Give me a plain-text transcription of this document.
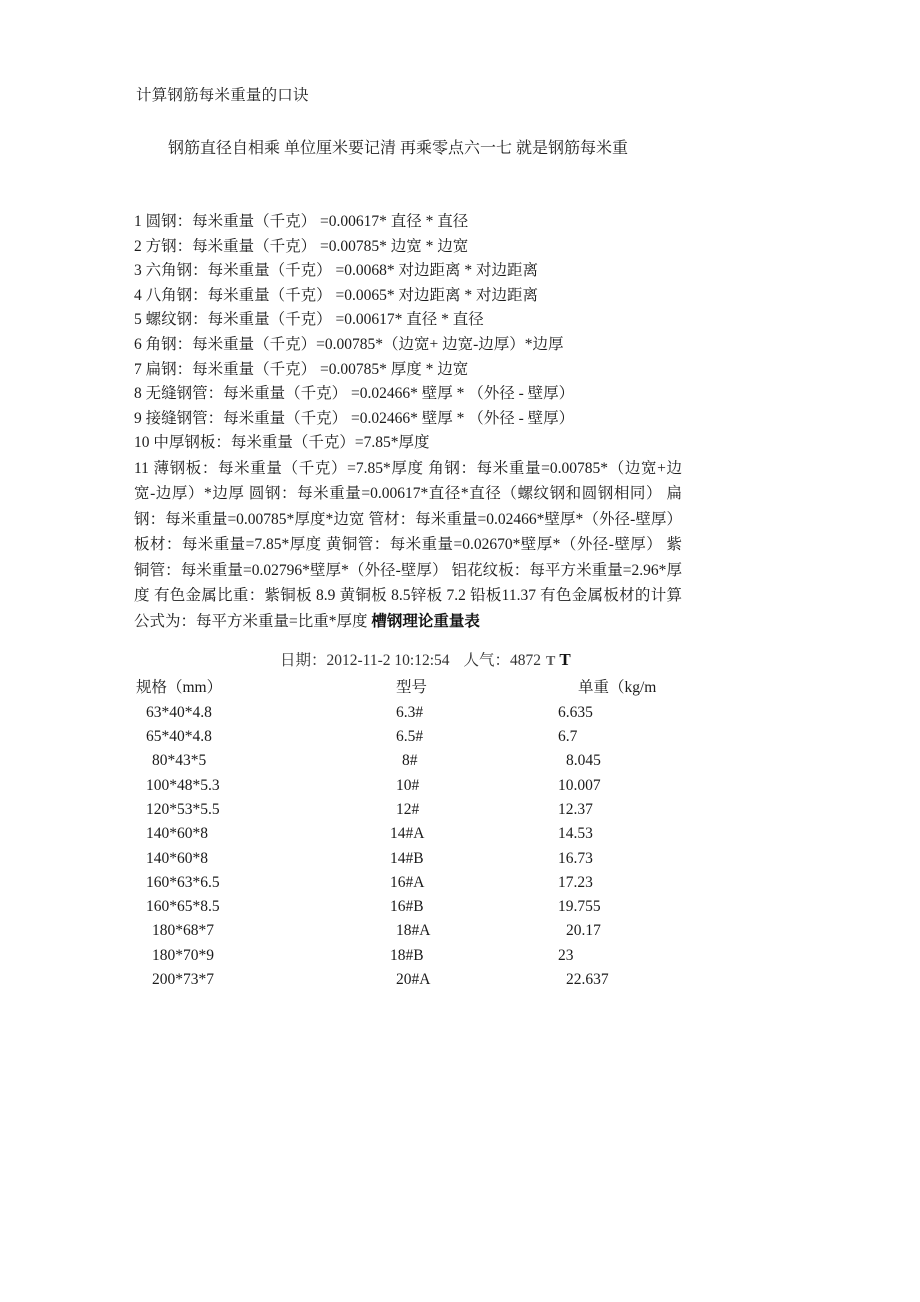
计算钢筋每米重量的口诀

钢筋直径自相乘 单位厘米要记清 再乘零点六一七 就是钢筋每米重

1 圆钢：每米重量（千克） =0.00617* 直径 * 直径
2 方钢：每米重量（千克） =0.00785* 边宽 * 边宽
3 六角钢：每米重量（千克） =0.0068* 对边距离 * 对边距离
4 八角钢：每米重量（千克） =0.0065* 对边距离 * 对边距离
5 螺纹钢：每米重量（千克） =0.00617* 直径 * 直径
6 角钢：每米重量（千克）=0.00785*（边宽+ 边宽-边厚）*边厚
7 扁钢：每米重量（千克） =0.00785* 厚度 * 边宽
8 无缝钢管：每米重量（千克） =0.02466* 壁厚 * （外径 - 壁厚）
9 接缝钢管：每米重量（千克） =0.02466* 壁厚 * （外径 - 壁厚）
10 中厚钢板：每米重量（千克）=7.85*厚度

11 薄钢板：每米重量（千克）=7.85*厚度 角钢：每米重量=0.00785*（边宽+边宽-边厚）*边厚 圆钢：每米重量=0.00617*直径*直径（螺纹钢和圆钢相同） 扁钢：每米重量=0.00785*厚度*边宽 管材：每米重量=0.02466*壁厚*（外径-壁厚） 板材：每米重量=7.85*厚度 黄铜管：每米重量=0.02670*壁厚*（外径-壁厚） 紫铜管：每米重量=0.02796*壁厚*（外径-壁厚） 铝花纹板：每平方米重量=2.96*厚度 有色金属比重：紫铜板 8.9 黄铜板 8.5锌板 7.2 铅板11.37 有色金属板材的计算公式为：每平方米重量=比重*厚度 槽钢理论重量表

日期：2012-11-2 10:12:54 人气：4872 T T

规格（mm）	型号	单重（kg/m
63*40*4.8	6.3#	6.635
65*40*4.8	6.5#	6.7
80*43*5	8#	8.045
100*48*5.3	10#	10.007
120*53*5.5	12#	12.37
140*60*8	14#A	14.53
140*60*8	14#B	16.73
160*63*6.5	16#A	17.23
160*65*8.5	16#B	19.755
180*68*7	18#A	20.17
180*70*9	18#B	23
200*73*7	20#A	22.637
